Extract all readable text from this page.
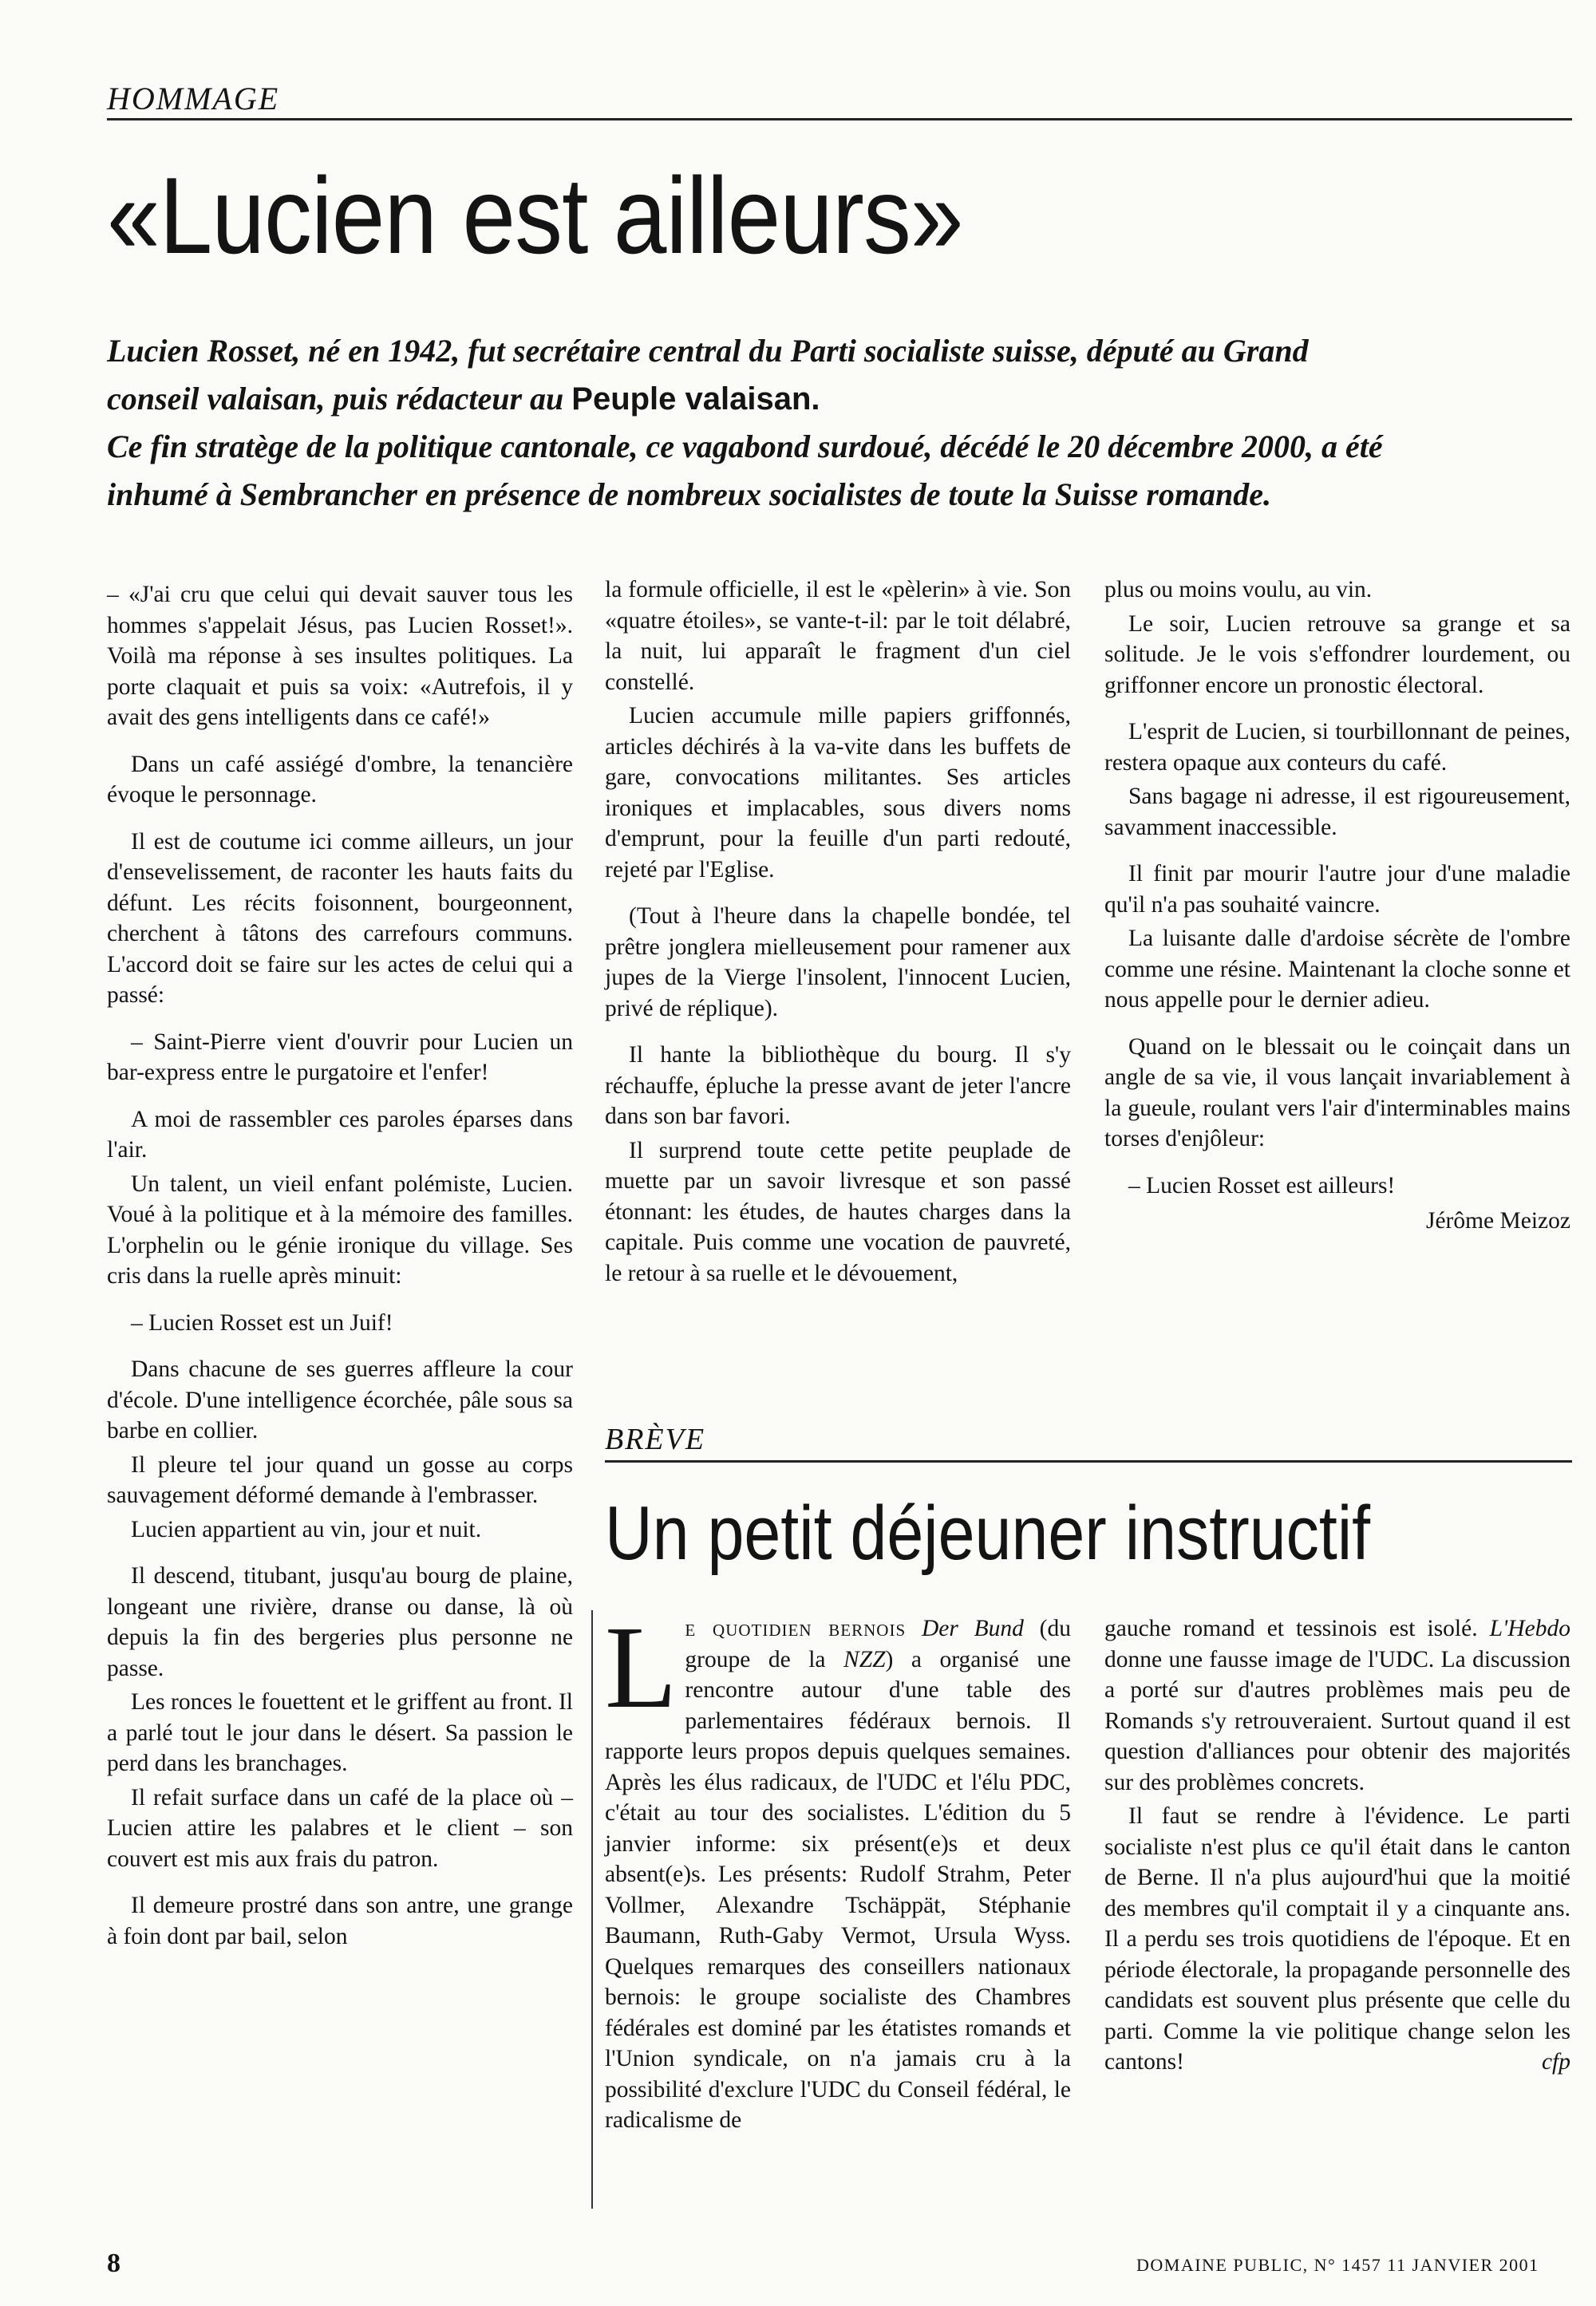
HOMMAGE
«Lucien est ailleurs»
Lucien Rosset, né en 1942, fut secrétaire central du Parti socialiste suisse, député au Grand conseil valaisan, puis rédacteur au Peuple valaisan.
Ce fin stratège de la politique cantonale, ce vagabond surdoué, décédé le 20 décembre 2000, a été inhumé à Sembrancher en présence de nombreux socialistes de toute la Suisse romande.

– «J'ai cru que celui qui devait sauver tous les hommes s'appelait Jésus, pas Lucien Rosset!». Voilà ma réponse à ses insultes politiques. La porte claquait et puis sa voix: «Autrefois, il y avait des gens intelligents dans ce café!»

Dans un café assiégé d'ombre, la tenancière évoque le personnage.

Il est de coutume ici comme ailleurs, un jour d'ensevelissement, de raconter les hauts faits du défunt. Les récits foisonnent, bourgeonnent, cherchent à tâtons des carrefours communs. L'accord doit se faire sur les actes de celui qui a passé:

– Saint-Pierre vient d'ouvrir pour Lucien un bar-express entre le purgatoire et l'enfer!

A moi de rassembler ces paroles éparses dans l'air.

Un talent, un vieil enfant polémiste, Lucien. Voué à la politique et à la mémoire des familles. L'orphelin ou le génie ironique du village. Ses cris dans la ruelle après minuit:

– Lucien Rosset est un Juif!

Dans chacune de ses guerres affleure la cour d'école. D'une intelligence écorchée, pâle sous sa barbe en collier.

Il pleure tel jour quand un gosse au corps sauvagement déformé demande à l'embrasser.

Lucien appartient au vin, jour et nuit.

Il descend, titubant, jusqu'au bourg de plaine, longeant une rivière, dranse ou danse, là où depuis la fin des bergeries plus personne ne passe.

Les ronces le fouettent et le griffent au front. Il a parlé tout le jour dans le désert. Sa passion le perd dans les branchages.

Il refait surface dans un café de la place où – Lucien attire les palabres et le client – son couvert est mis aux frais du patron.

Il demeure prostré dans son antre, une grange à foin dont par bail, selon

la formule officielle, il est le «pèlerin» à vie. Son «quatre étoiles», se vante-t-il: par le toit délabré, la nuit, lui apparaît le fragment d'un ciel constellé.

Lucien accumule mille papiers griffonnés, articles déchirés à la va-vite dans les buffets de gare, convocations militantes. Ses articles ironiques et implacables, sous divers noms d'emprunt, pour la feuille d'un parti redouté, rejeté par l'Eglise.

(Tout à l'heure dans la chapelle bondée, tel prêtre jonglera mielleusement pour ramener aux jupes de la Vierge l'insolent, l'innocent Lucien, privé de réplique).

Il hante la bibliothèque du bourg. Il s'y réchauffe, épluche la presse avant de jeter l'ancre dans son bar favori.

Il surprend toute cette petite peuplade de muette par un savoir livresque et son passé étonnant: les études, de hautes charges dans la capitale. Puis comme une vocation de pauvreté, le retour à sa ruelle et le dévouement,

plus ou moins voulu, au vin.

Le soir, Lucien retrouve sa grange et sa solitude. Je le vois s'effondrer lourdement, ou griffonner encore un pronostic électoral.

L'esprit de Lucien, si tourbillonnant de peines, restera opaque aux conteurs du café.

Sans bagage ni adresse, il est rigoureusement, savamment inaccessible.

Il finit par mourir l'autre jour d'une maladie qu'il n'a pas souhaité vaincre.

La luisante dalle d'ardoise sécrète de l'ombre comme une résine. Maintenant la cloche sonne et nous appelle pour le dernier adieu.

Quand on le blessait ou le coinçait dans un angle de sa vie, il vous lançait invariablement à la gueule, roulant vers l'air d'interminables mains torses d'enjôleur:

– Lucien Rosset est ailleurs!

Jérôme Meizoz

BRÈVE
Un petit déjeuner instructif

Le quotidien bernois Der Bund (du groupe de la NZZ) a organisé une rencontre autour d'une table des parlementaires fédéraux bernois. Il rapporte leurs propos depuis quelques semaines. Après les élus radicaux, de l'UDC et l'élu PDC, c'était au tour des socialistes. L'édition du 5 janvier informe: six présent(e)s et deux absent(e)s. Les présents: Rudolf Strahm, Peter Vollmer, Alexandre Tschäppät, Stéphanie Baumann, Ruth-Gaby Vermot, Ursula Wyss. Quelques remarques des conseillers nationaux bernois: le groupe socialiste des Chambres fédérales est dominé par les étatistes romands et l'Union syndicale, on n'a jamais cru à la possibilité d'exclure l'UDC du Conseil fédéral, le radicalisme de

gauche romand et tessinois est isolé. L'Hebdo donne une fausse image de l'UDC. La discussion a porté sur d'autres problèmes mais peu de Romands s'y retrouveraient. Surtout quand il est question d'alliances pour obtenir des majorités sur des problèmes concrets.

Il faut se rendre à l'évidence. Le parti socialiste n'est plus ce qu'il était dans le canton de Berne. Il n'a plus aujourd'hui que la moitié des membres qu'il comptait il y a cinquante ans. Il a perdu ses trois quotidiens de l'époque. Et en période électorale, la propagande personnelle des candidats est souvent plus présente que celle du parti. Comme la vie politique change selon les cantons!	cfp

8	DOMAINE PUBLIC, N° 1457 11 JANVIER 2001
